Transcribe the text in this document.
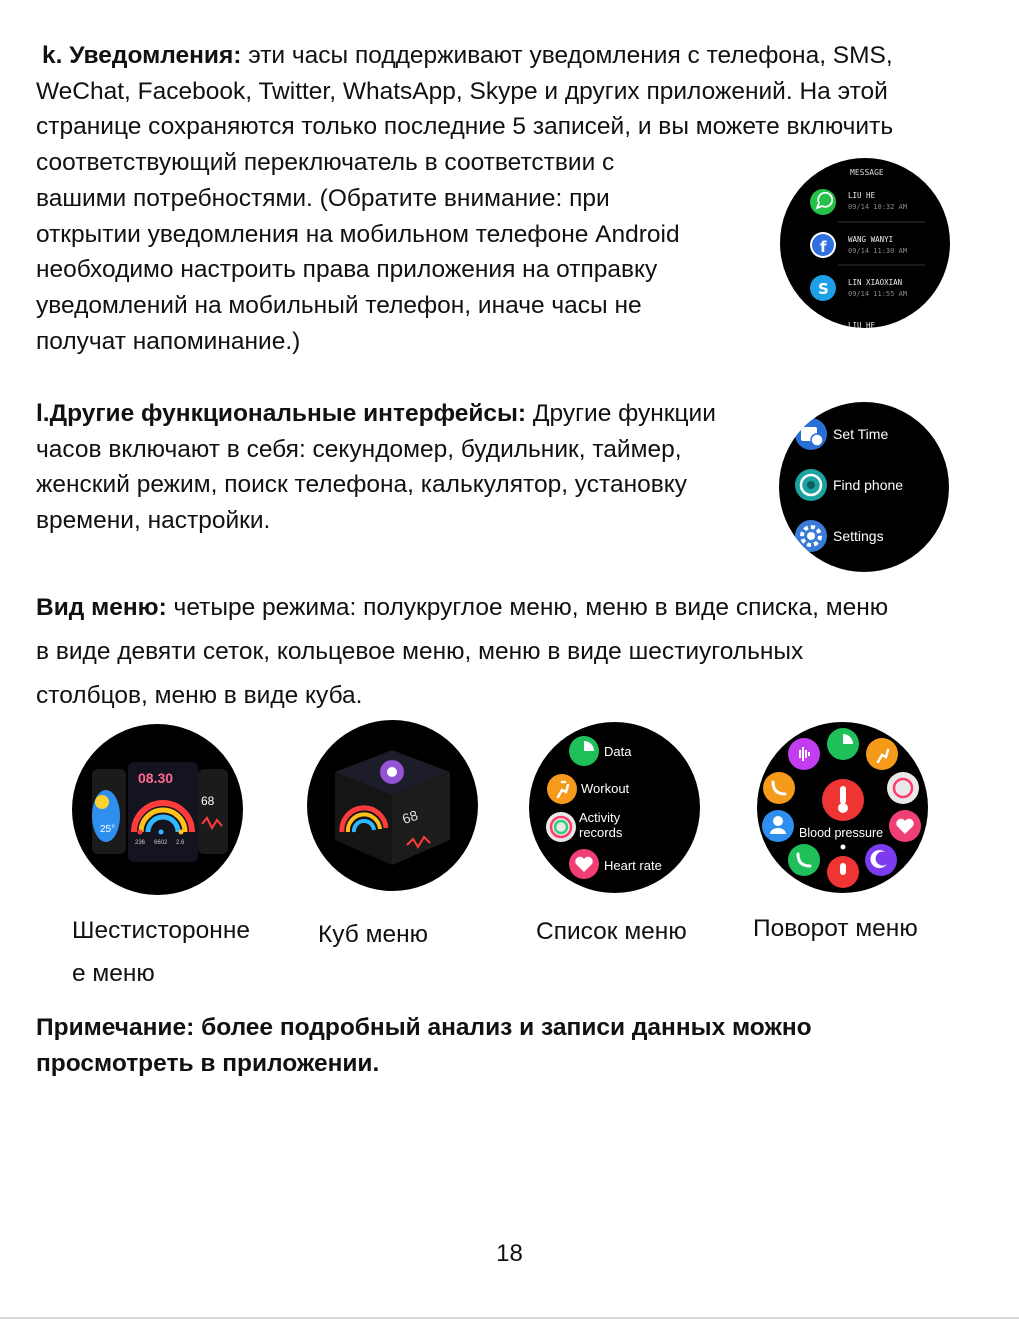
k. Уведомления: эти часы поддерживают уведомления с телефона, SMS,

WeChat, Facebook, Twitter, WhatsApp, Skype и других приложений. На этой

странице сохраняются только последние 5 записей, и вы можете включить

соответствующий переключатель в соответствии с

вашими потребностями. (Обратите внимание: при

открытии уведомления на мобильном телефоне Android

необходимо настроить права приложения на отправку

уведомлений на мобильный телефон, иначе часы не

получат напоминание.)

MESSAGE
LIU HE
09/14 10:32 AM
f	WANG WANYI
09/14 11:30 AM
S	LIN XIAOXIAN
09/14 11:55 AM
LIU HE

l.Другие функциональные интерфейсы: Другие функции

часов включают в себя: секундомер, будильник, таймер,

женский режим, поиск телефона, калькулятор, установку

времени, настройки.

Set Time
Find phone
Settings

Вид меню: четыре режима: полукруглое меню, меню в виде списка, меню

в виде девяти сеток, кольцевое меню, меню в виде шестиугольных

столбцов, меню в виде куба.

25°
08.30
236 6602 2.6
68
68
Data
Workout
Activity records
Heart rate
Blood pressure
Шестисторонне
е меню
Куб меню	Список меню	Поворот меню
Примечание: более подробный анализ и записи данных можно
просмотреть в приложении.
18
